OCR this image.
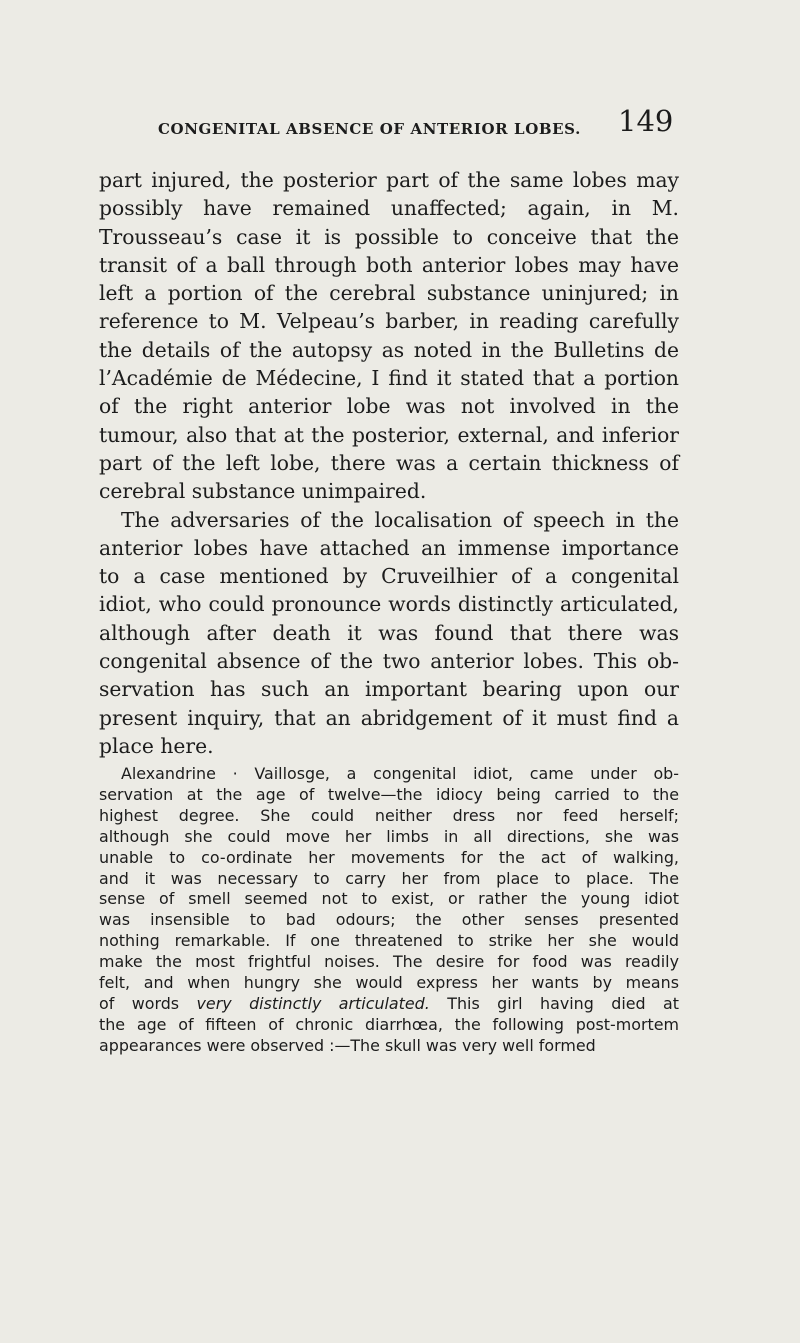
CONGENITAL ABSENCE OF ANTERIOR LOBES. 149
part injured, the posterior part of the same lobes may
possibly have remained unaffected; again, in M.
Trousseau’s case it is possible to conceive that the
transit of a ball through both anterior lobes may have
left a portion of the cerebral substance uninjured; in
reference to M. Velpeau’s barber, in reading carefully
the details of the autopsy as noted in the Bulletins de
l’Académie de Médecine, I find it stated that a portion
of the right anterior lobe was not involved in the
tumour, also that at the posterior, external, and inferior
part of the left lobe, there was a certain thickness of
cerebral substance unimpaired.
The adversaries of the localisation of speech in the
anterior lobes have attached an immense importance
to a case mentioned by Cruveilhier of a congenital
idiot, who could pronounce words distinctly articulated,
although after death it was found that there was
congenital absence of the two anterior lobes. This ob-
servation has such an important bearing upon our
present inquiry, that an abridgement of it must find a
place here.
Alexandrine · Vaillosge, a congenital idiot, came under ob-
servation at the age of twelve—the idiocy being carried to the
highest degree. She could neither dress nor feed herself;
although she could move her limbs in all directions, she was
unable to co-ordinate her movements for the act of walking,
and it was necessary to carry her from place to place. The
sense of smell seemed not to exist, or rather the young idiot
was insensible to bad odours; the other senses presented
nothing remarkable. If one threatened to strike her she would
make the most frightful noises. The desire for food was readily
felt, and when hungry she would express her wants by means
of words very distinctly articulated. This girl having died at
the age of fifteen of chronic diarrhœa, the following post-mortem
appearances were observed :—The skull was very well formed
